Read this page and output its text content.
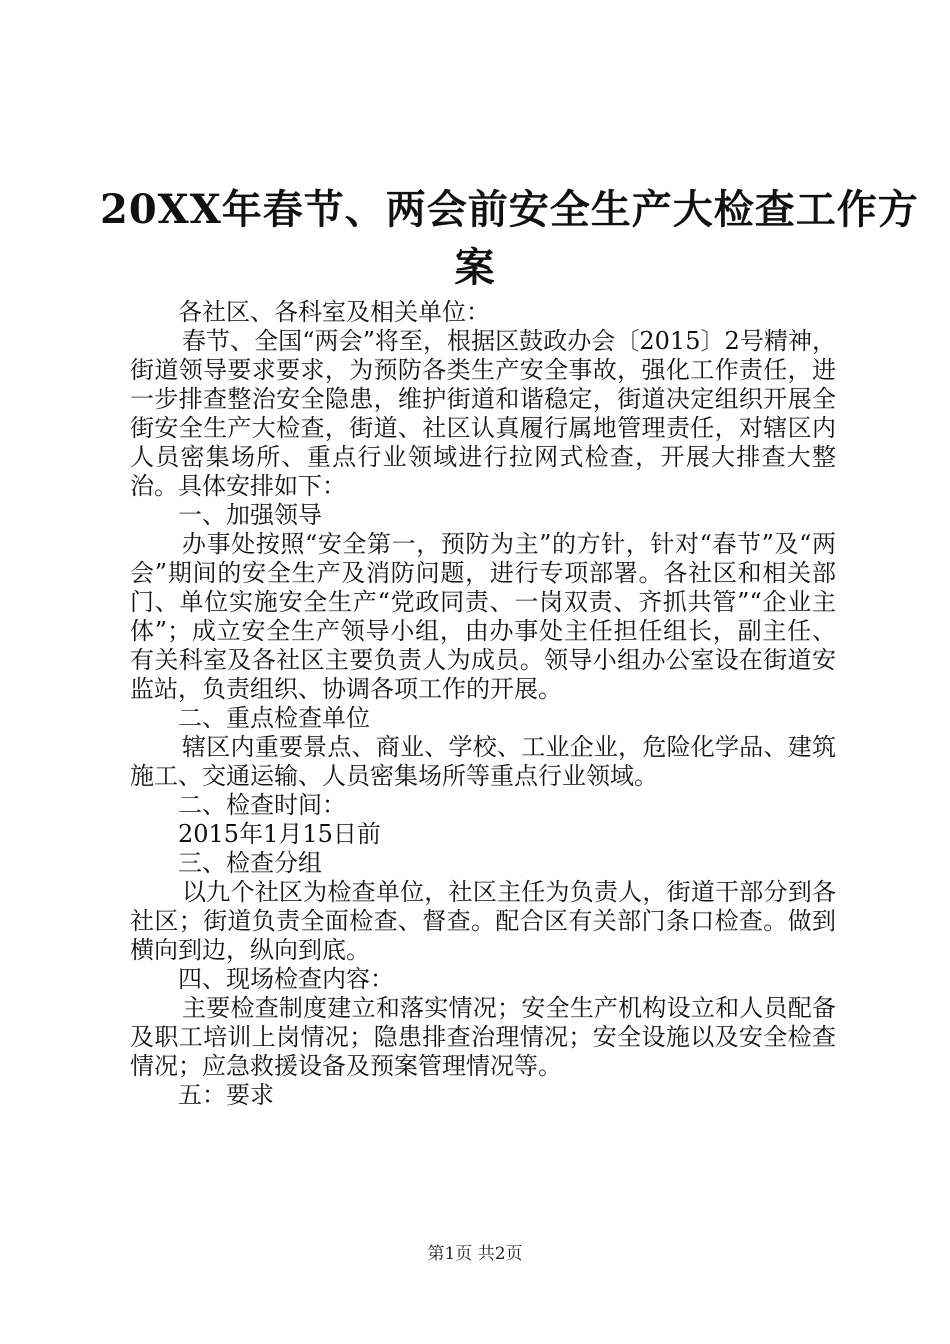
20XX年春节、两会前安全生产大检查工作方
案

各社区、各科室及相关单位：

春节、全国“两会”将至，根据区鼓政办会〔2015〕2号精神，街道领导要求要求，为预防各类生产安全事故，强化工作责任，进一步排查整治安全隐患，维护街道和谐稳定，街道决定组织开展全街安全生产大检查，街道、社区认真履行属地管理责任，对辖区内人员密集场所、重点行业领域进行拉网式检查，开展大排查大整治。具体安排如下：

一、加强领导

办事处按照“安全第一，预防为主”的方针，针对“春节”及“两会”期间的安全生产及消防问题，进行专项部署。各社区和相关部门、单位实施安全生产“党政同责、一岗双责、齐抓共管”“企业主体”；成立安全生产领导小组，由办事处主任担任组长，副主任、有关科室及各社区主要负责人为成员。领导小组办公室设在街道安监站，负责组织、协调各项工作的开展。

二、重点检查单位

辖区内重要景点、商业、学校、工业企业，危险化学品、建筑施工、交通运输、人员密集场所等重点行业领域。

二、检查时间：

2015年1月15日前

三、检查分组

以九个社区为检查单位，社区主任为负责人，街道干部分到各社区；街道负责全面检查、督查。配合区有关部门条口检查。做到横向到边，纵向到底。

四、现场检查内容：

主要检查制度建立和落实情况；安全生产机构设立和人员配备及职工培训上岗情况；隐患排查治理情况；安全设施以及安全检查情况；应急救援设备及预案管理情况等。

五：要求

第1页 共2页
